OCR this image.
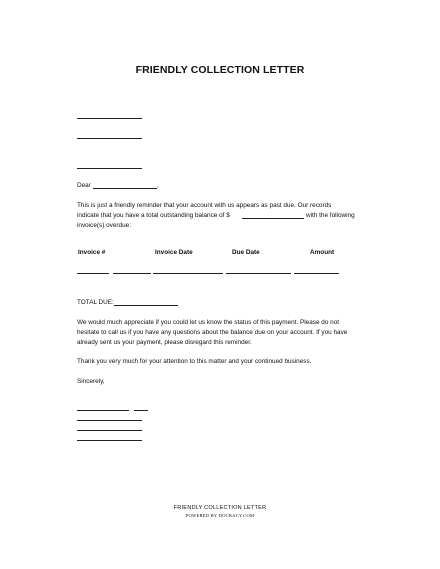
FRIENDLY COLLECTION LETTER
Dear	,
This is just a friendly reminder that your account with us appears as past due. Our records
indicate that you have a total outstanding balance of $	with the following
invoice(s) overdue:
Invoice #	Invoice Date	Due Date	Amount
TOTAL DUE:
We would much appreciate if you could let us know the status of this payment. Please do not
hesitate to call us if you have any questions about the balance due on your account. If you have
already sent us your payment, please disregard this reminder.
Thank you very much for your attention to this matter and your continued business.
Sincerely,
FRIENDLY COLLECTION LETTER
POWERED BY DOCRACY.COM
